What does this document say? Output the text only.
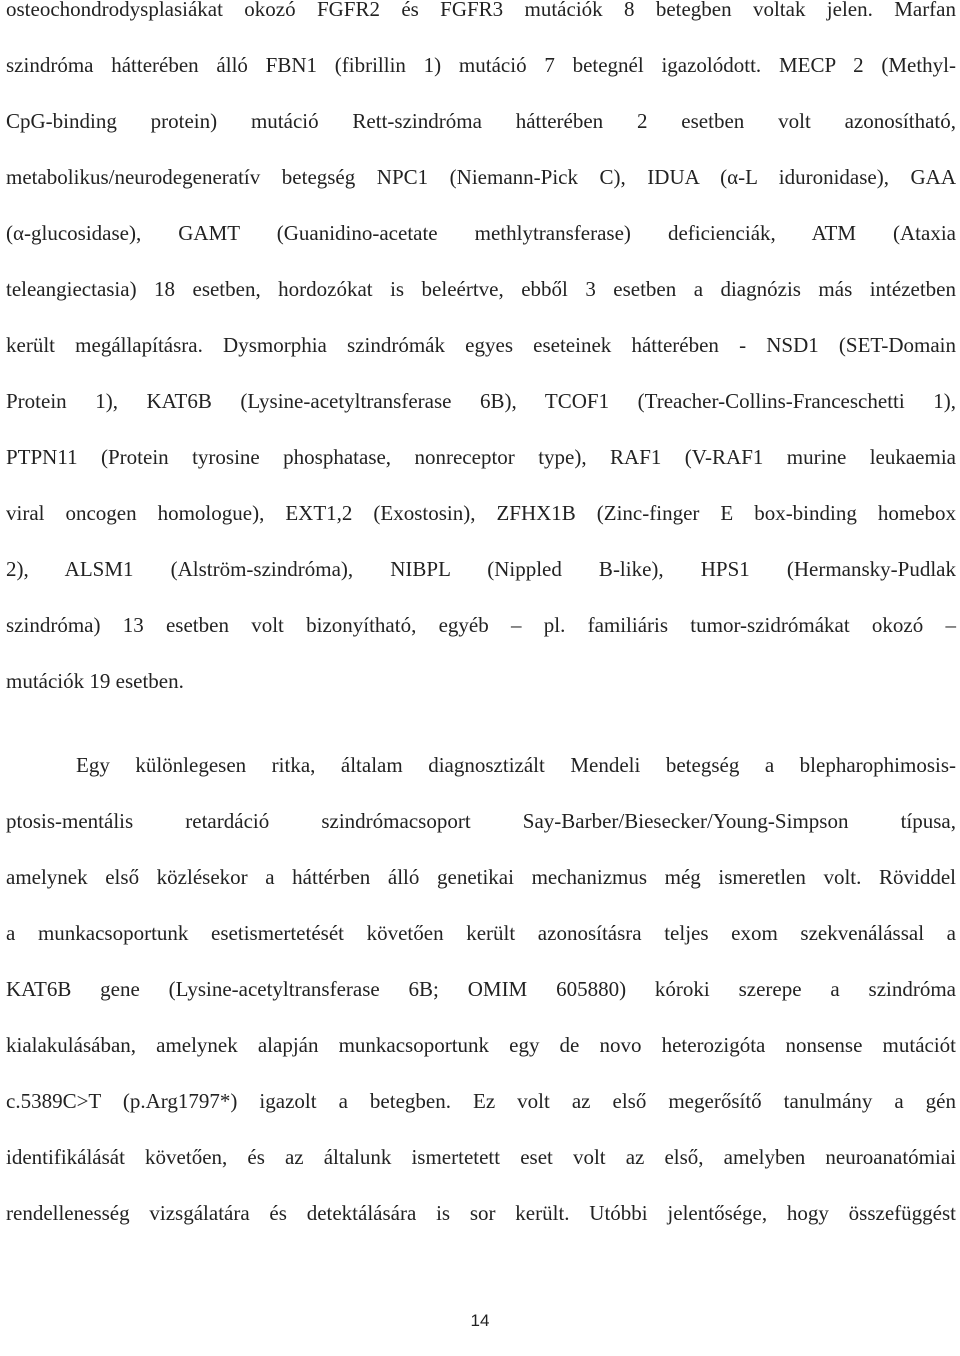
osteochondrodysplasiákat okozó FGFR2 és FGFR3 mutációk 8 betegben voltak jelen. Marfan
szindróma hátterében álló FBN1 (fibrillin 1) mutáció 7 betegnél igazolódott. MECP 2 (Methyl-
CpG-binding protein) mutáció Rett-szindróma hátterében 2 esetben volt azonosítható,
metabolikus/neurodegeneratív betegség NPC1 (Niemann-Pick C), IDUA (α-L iduronidase), GAA
(α-glucosidase), GAMT (Guanidino-acetate methlytransferase) deficienciák, ATM (Ataxia
teleangiectasia) 18 esetben, hordozókat is beleértve, ebből 3 esetben a diagnózis más intézetben
került megállapításra. Dysmorphia szindrómák egyes eseteinek hátterében - NSD1 (SET-Domain
Protein 1), KAT6B (Lysine-acetyltransferase 6B), TCOF1 (Treacher-Collins-Franceschetti 1),
PTPN11 (Protein tyrosine phosphatase, nonreceptor type), RAF1 (V-RAF1 murine leukaemia
viral oncogen homologue), EXT1,2 (Exostosin), ZFHX1B (Zinc-finger E box-binding homebox
2), ALSM1 (Alström-szindróma), NIBPL (Nippled B-like), HPS1 (Hermansky-Pudlak
szindróma) 13 esetben volt bizonyítható, egyéb – pl. familiáris tumor-szidrómákat okozó –
mutációk 19 esetben.
Egy különlegesen ritka, általam diagnosztizált Mendeli betegség a blepharophimosis-
ptosis-mentális retardáció szindrómacsoport Say-Barber/Biesecker/Young-Simpson típusa,
amelynek első közlésekor a háttérben álló genetikai mechanizmus még ismeretlen volt. Röviddel
a munkacsoportunk esetismertetését követően került azonosításra teljes exom szekvenálással a
KAT6B gene (Lysine-acetyltransferase 6B; OMIM 605880) kóroki szerepe a szindróma
kialakulásában, amelynek alapján munkacsoportunk egy de novo heterozigóta nonsense mutációt
c.5389C>T (p.Arg1797*) igazolt a betegben. Ez volt az első megerősítő tanulmány a gén
identifikálását követően, és az általunk ismertetett eset volt az első, amelyben neuroanatómiai
rendellenesség vizsgálatára és detektálására is sor került. Utóbbi jelentősége, hogy összefüggést
14
